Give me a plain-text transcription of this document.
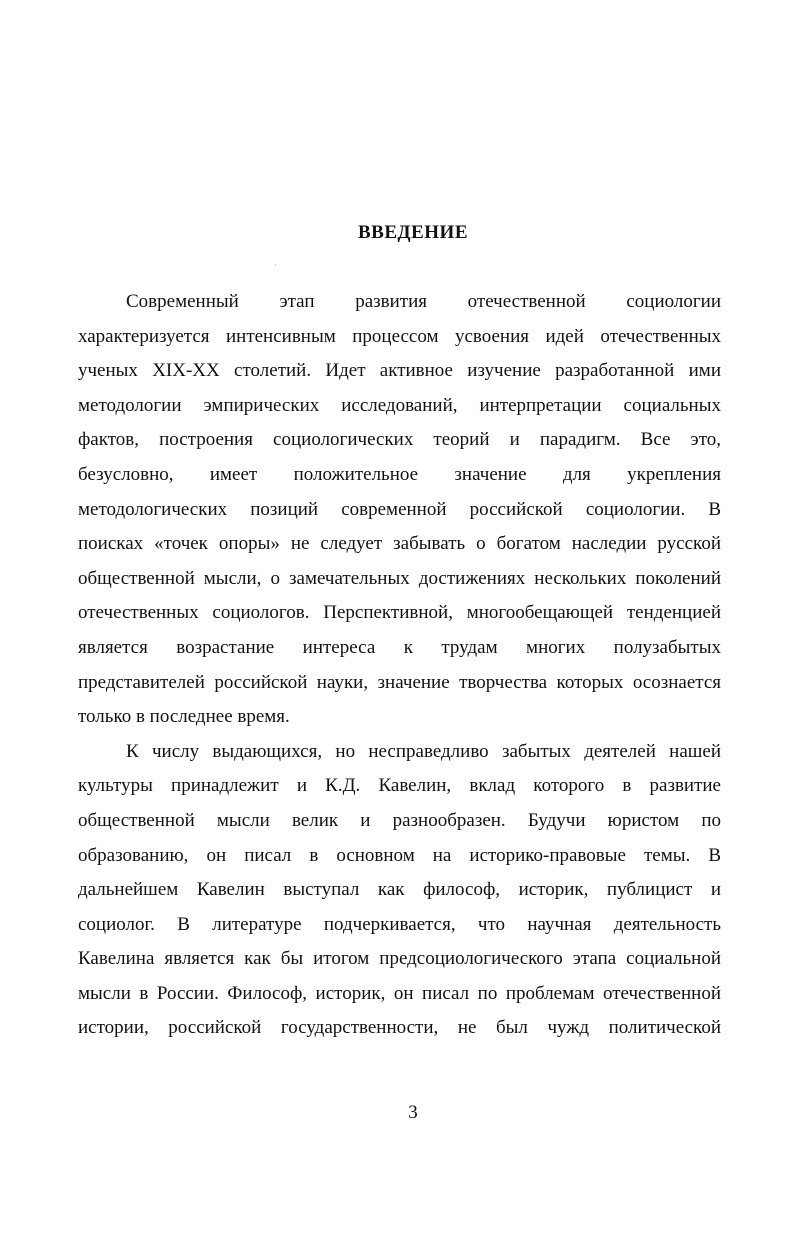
ВВЕДЕНИЕ
·

Современный этап развития отечественной социологии
характеризуется интенсивным процессом усвоения идей отечественных
ученых XIX-XX столетий. Идет активное изучение разработанной ими
методологии эмпирических исследований, интерпретации социальных
фактов, построения социологических теорий и парадигм. Все это,
безусловно, имеет положительное значение для укрепления
методологических позиций современной российской социологии. В
поисках «точек опоры» не следует забывать о богатом наследии русской
общественной мысли, о замечательных достижениях нескольких поколений
отечественных социологов. Перспективной, многообещающей тенденцией
является возрастание интереса к трудам многих полузабытых
представителей российской науки, значение творчества которых осознается
только в последнее время.

К числу выдающихся, но несправедливо забытых деятелей нашей
культуры принадлежит и К.Д. Кавелин, вклад которого в развитие
общественной мысли велик и разнообразен. Будучи юристом по
образованию, он писал в основном на историко-правовые темы. В
дальнейшем Кавелин выступал как философ, историк, публицист и
социолог. В литературе подчеркивается, что научная деятельность
Кавелина является как бы итогом предсоциологического этапа социальной
мысли в России. Философ, историк, он писал по проблемам отечественной
истории, российской государственности, не был чужд политической

3
